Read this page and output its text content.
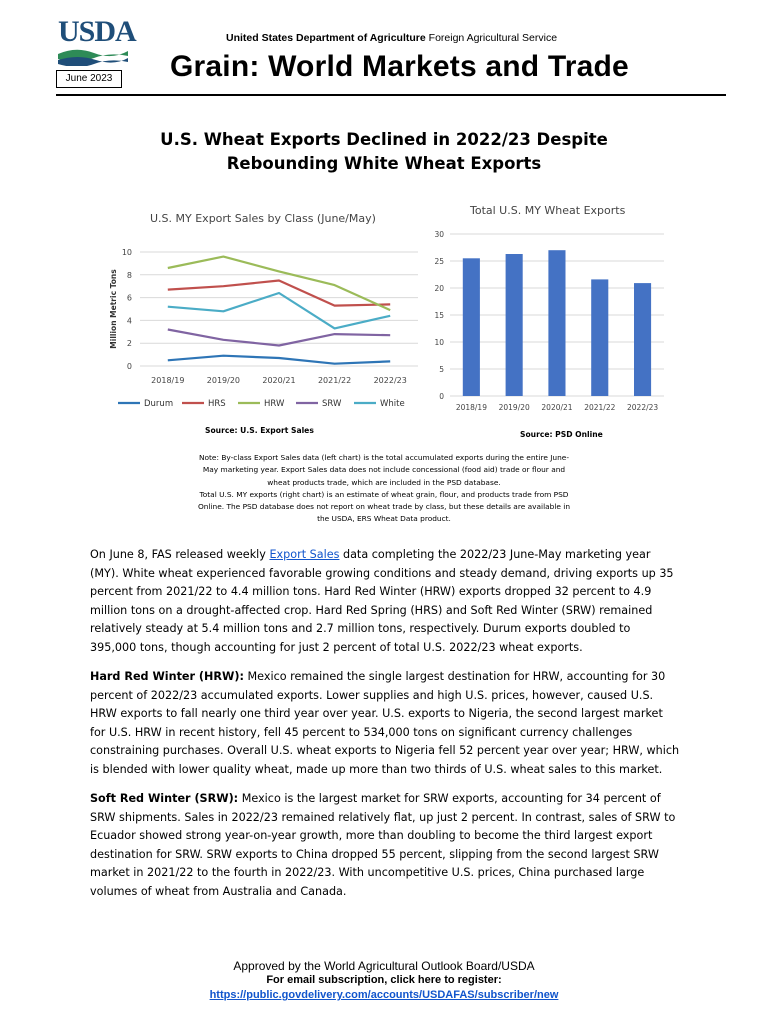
USDA
June 2023
United States Department of Agriculture Foreign Agricultural Service
Grain: World Markets and Trade
U.S. Wheat Exports Declined in 2022/23 Despite
Rebounding White Wheat Exports
U.S. MY Export Sales by Class (June/May)
Million Metric Tons
0
2
4
6
8
10
2018/19	2019/20	2020/21	2021/22	2022/23
Durum	HRS	HRW	SRW	White
Source: U.S. Export Sales
Total U.S. MY Wheat Exports
0
5
10
15
20
25
30
2018/19 2019/20 2020/21 2021/22 2022/23
Source: PSD Online
Note: By-class Export Sales data (left chart) is the total accumulated exports during the entire June-
May marketing year. Export Sales data does not include concessional (food aid) trade or flour and
wheat products trade, which are included in the PSD database.
Total U.S. MY exports (right chart) is an estimate of wheat grain, flour, and products trade from PSD
Online. The PSD database does not report on wheat trade by class, but these details are available in
the USDA, ERS Wheat Data product.

On June 8, FAS released weekly Export Sales data completing the 2022/23 June-May marketing year (MY). White wheat experienced favorable growing conditions and steady demand, driving exports up 35 percent from 2021/22 to 4.4 million tons. Hard Red Winter (HRW) exports dropped 32 percent to 4.9 million tons on a drought-affected crop. Hard Red Spring (HRS) and Soft Red Winter (SRW) remained relatively steady at 5.4 million tons and 2.7 million tons, respectively. Durum exports doubled to 395,000 tons, though accounting for just 2 percent of total U.S. 2022/23 wheat exports.

Hard Red Winter (HRW): Mexico remained the single largest destination for HRW, accounting for 30 percent of 2022/23 accumulated exports. Lower supplies and high U.S. prices, however, caused U.S. HRW exports to fall nearly one third year over year. U.S. exports to Nigeria, the second largest market for U.S. HRW in recent history, fell 45 percent to 534,000 tons on significant currency challenges constraining purchases. Overall U.S. wheat exports to Nigeria fell 52 percent year over year; HRW, which is blended with lower quality wheat, made up more than two thirds of U.S. wheat sales to this market.

Soft Red Winter (SRW): Mexico is the largest market for SRW exports, accounting for 34 percent of SRW shipments. Sales in 2022/23 remained relatively flat, up just 2 percent. In contrast, sales of SRW to Ecuador showed strong year-on-year growth, more than doubling to become the third largest export destination for SRW. SRW exports to China dropped 55 percent, slipping from the second largest SRW market in 2021/22 to the fourth in 2022/23. With uncompetitive U.S. prices, China purchased large volumes of wheat from Australia and Canada.

Approved by the World Agricultural Outlook Board/USDA
For email subscription, click here to register:
https://public.govdelivery.com/accounts/USDAFAS/subscriber/new
